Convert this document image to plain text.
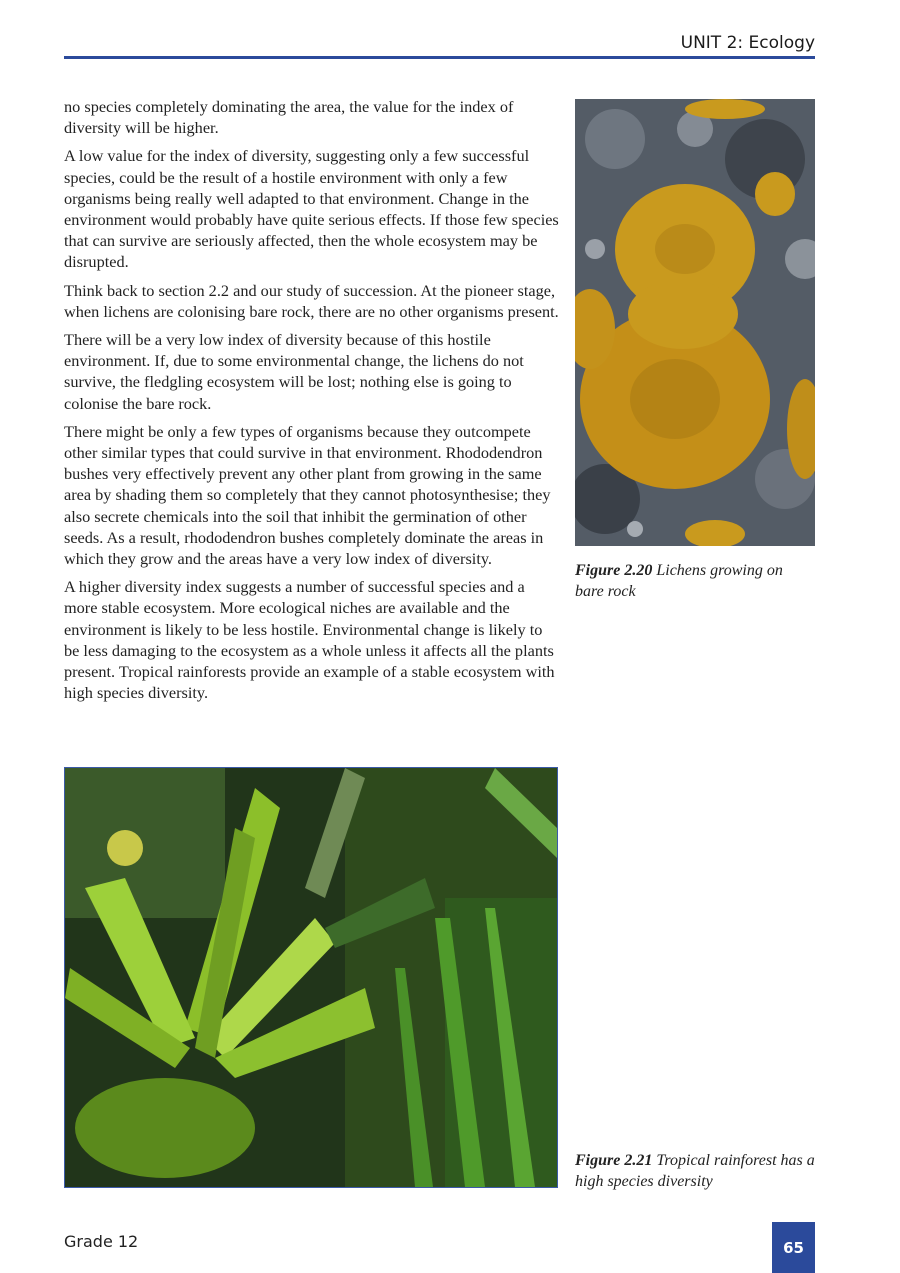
UNIT 2: Ecology

no species completely dominating the area, the value for the index of diversity will be higher.

A low value for the index of diversity, suggesting only a few successful species, could be the result of a hostile environment with only a few organisms being really well adapted to that environment. Change in the environment would probably have quite serious effects. If those few species that can survive are seriously affected, then the whole ecosystem may be disrupted.

Think back to section 2.2 and our study of succession. At the pioneer stage, when lichens are colonising bare rock, there are no other organisms present.

There will be a very low index of diversity because of this hostile environment. If, due to some environmental change, the lichens do not survive, the fledgling ecosystem will be lost; nothing else is going to colonise the bare rock.

There might be only a few types of organisms because they outcompete other similar types that could survive in that environment. Rhododendron bushes very effectively prevent any other plant from growing in the same area by shading them so completely that they cannot photosynthesise; they also secrete chemicals into the soil that inhibit the germination of other seeds. As a result, rhododendron bushes completely dominate the areas in which they grow and the areas have a very low index of diversity.

A higher diversity index suggests a number of successful species and a more stable ecosystem. More ecological niches are available and the environment is likely to be less hostile. Environmental change is likely to be less damaging to the ecosystem as a whole unless it affects all the plants present. Tropical rainforests provide an example of a stable ecosystem with high species diversity.

Figure 2.20 Lichens growing on bare rock
Figure 2.21 Tropical rainforest has a high species diversity
Grade 12	65
